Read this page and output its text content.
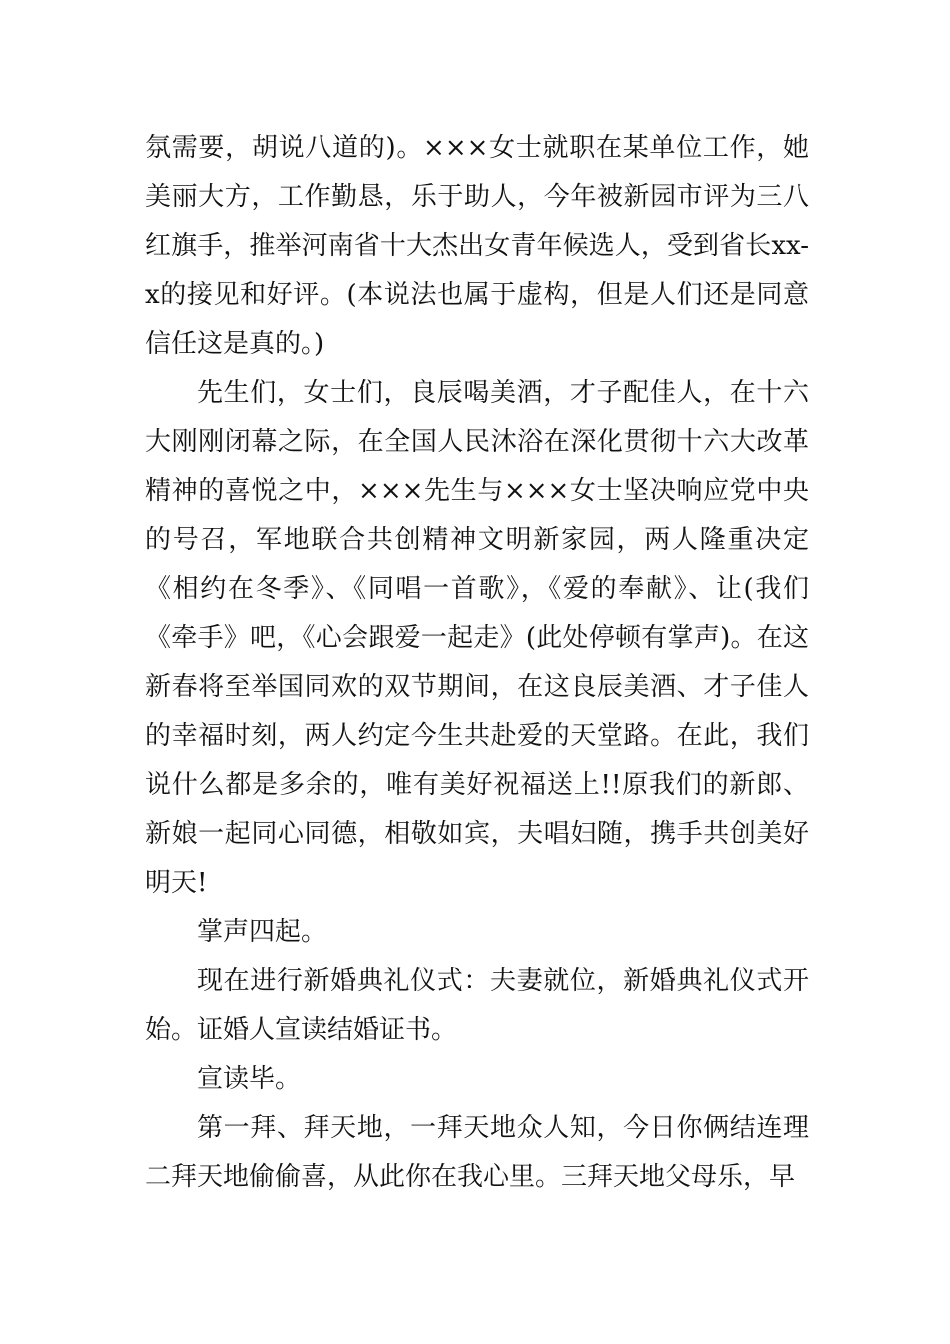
氛需要，胡说八道的)。×××女士就职在某单位工作，她美丽大方，工作勤恳，乐于助人，今年被新园市评为三八红旗手，推举河南省十大杰出女青年候选人，受到省长xx-x的接见和好评。(本说法也属于虚构，但是人们还是同意信任这是真的。)

先生们，女士们，良辰喝美酒，才子配佳人，在十六大刚刚闭幕之际，在全国人民沐浴在深化贯彻十六大改革精神的喜悦之中，×××先生与×××女士坚决响应党中央的号召，军地联合共创精神文明新家园，两人隆重决定《相约在冬季》、《同唱一首歌》，《爱的奉献》、让(我们《牵手》吧，《心会跟爱一起走》(此处停顿有掌声)。在这新春将至举国同欢的双节期间，在这良辰美酒、才子佳人的幸福时刻，两人约定今生共赴爱的天堂路。在此，我们说什么都是多余的，唯有美好祝福送上!!原我们的新郎、新娘一起同心同德，相敬如宾，夫唱妇随，携手共创美好明天!

掌声四起。

现在进行新婚典礼仪式：夫妻就位，新婚典礼仪式开始。证婚人宣读结婚证书。

宣读毕。

第一拜、拜天地，一拜天地众人知，今日你俩结连理二拜天地偷偷喜，从此你在我心里。三拜天地父母乐，早
